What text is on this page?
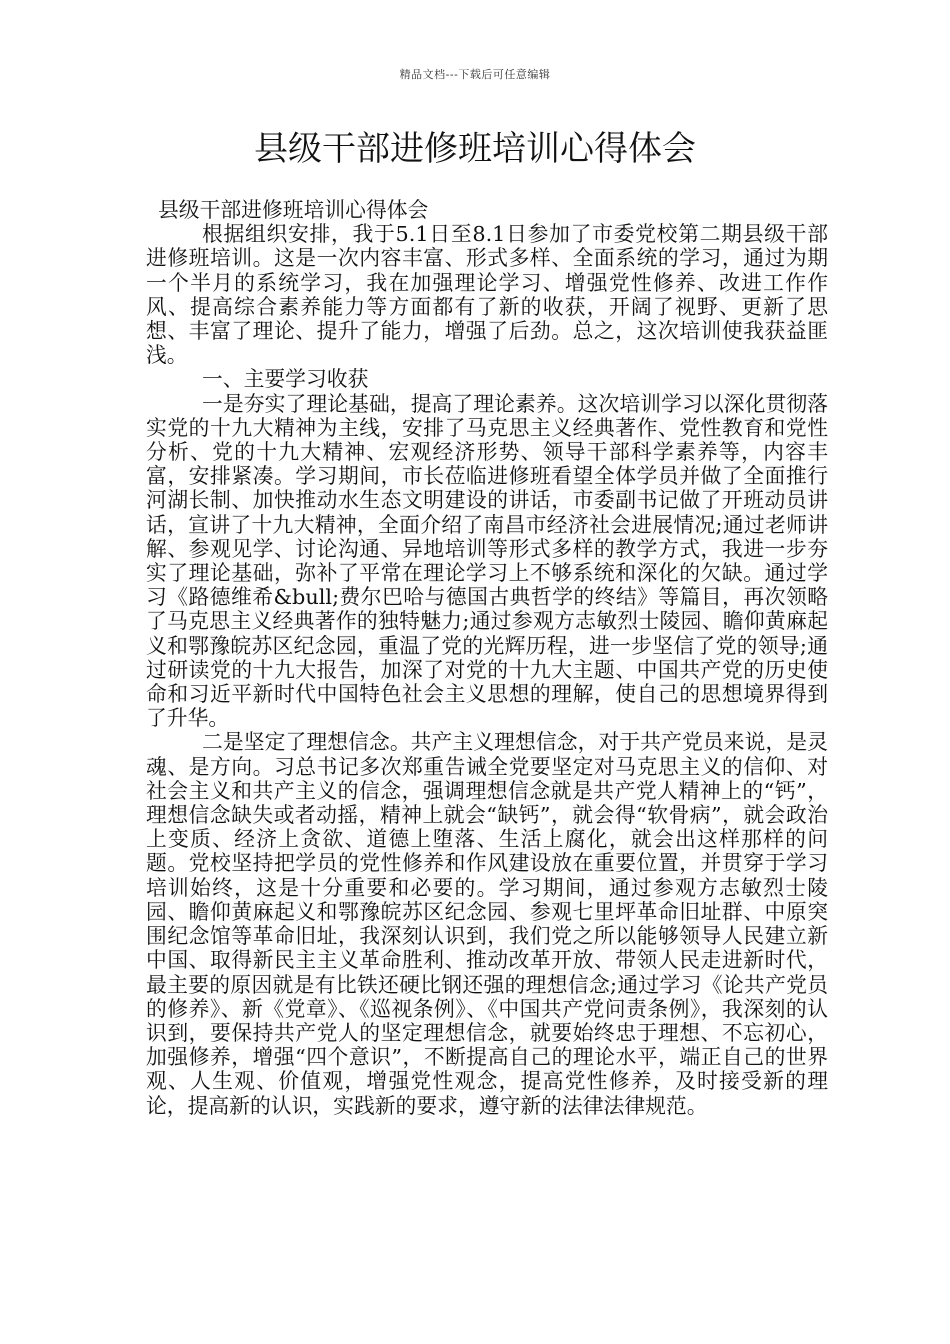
精品文档---下载后可任意编辑
县级干部进修班培训心得体会

县级干部进修班培训心得体会

根据组织安排，我于5.1日至8.1日参加了市委党校第二期县级干部进修班培训。这是一次内容丰富、形式多样、全面系统的学习，通过为期一个半月的系统学习，我在加强理论学习、增强党性修养、改进工作作风、提高综合素养能力等方面都有了新的收获，开阔了视野、更新了思想、丰富了理论、提升了能力，增强了后劲。总之，这次培训使我获益匪浅。

一、主要学习收获

一是夯实了理论基础，提高了理论素养。这次培训学习以深化贯彻落实党的十九大精神为主线，安排了马克思主义经典著作、党性教育和党性分析、党的十九大精神、宏观经济形势、领导干部科学素养等，内容丰富，安排紧凑。学习期间，市长莅临进修班看望全体学员并做了全面推行河湖长制、加快推动水生态文明建设的讲话，市委副书记做了开班动员讲话，宣讲了十九大精神，全面介绍了南昌市经济社会进展情况;通过老师讲解、参观见学、讨论沟通、异地培训等形式多样的教学方式，我进一步夯实了理论基础，弥补了平常在理论学习上不够系统和深化的欠缺。通过学习《路德维希&bull;费尔巴哈与德国古典哲学的终结》等篇目，再次领略了马克思主义经典著作的独特魅力;通过参观方志敏烈士陵园、瞻仰黄麻起义和鄂豫皖苏区纪念园，重温了党的光辉历程，进一步坚信了党的领导;通过研读党的十九大报告，加深了对党的十九大主题、中国共产党的历史使命和习近平新时代中国特色社会主义思想的理解，使自己的思想境界得到了升华。

二是坚定了理想信念。共产主义理想信念，对于共产党员来说，是灵魂、是方向。习总书记多次郑重告诫全党要坚定对马克思主义的信仰、对社会主义和共产主义的信念，强调理想信念就是共产党人精神上的“钙”，理想信念缺失或者动摇，精神上就会“缺钙”，就会得“软骨病”，就会政治上变质、经济上贪欲、道德上堕落、生活上腐化，就会出这样那样的问题。党校坚持把学员的党性修养和作风建设放在重要位置，并贯穿于学习培训始终，这是十分重要和必要的。学习期间，通过参观方志敏烈士陵园、瞻仰黄麻起义和鄂豫皖苏区纪念园、参观七里坪革命旧址群、中原突围纪念馆等革命旧址，我深刻认识到，我们党之所以能够领导人民建立新中国、取得新民主主义革命胜利、推动改革开放、带领人民走进新时代，最主要的原因就是有比铁还硬比钢还强的理想信念;通过学习《论共产党员的修养》、新《党章》、《巡视条例》、《中国共产党问责条例》，我深刻的认识到，要保持共产党人的坚定理想信念，就要始终忠于理想、不忘初心，加强修养，增强“四个意识”，不断提高自己的理论水平，端正自己的世界观、人生观、价值观，增强党性观念，提高党性修养，及时接受新的理论，提高新的认识，实践新的要求，遵守新的法律法律规范。
